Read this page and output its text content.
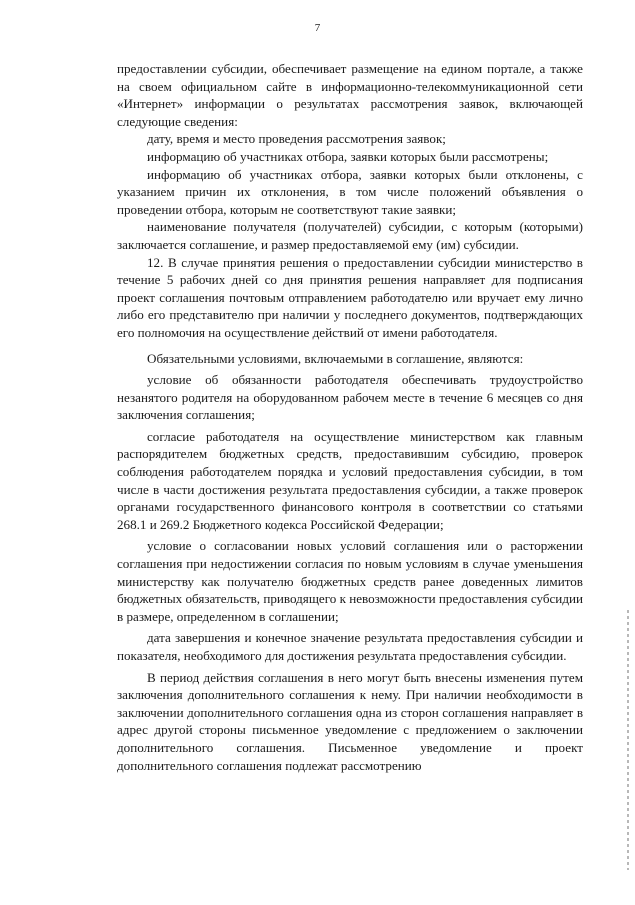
7

предоставлении субсидии, обеспечивает размещение на едином портале, а также на своем официальном сайте в информационно-телекоммуникационной сети «Интернет» информации о результатах рассмотрения заявок, включающей следующие сведения:

дату, время и место проведения рассмотрения заявок;

информацию об участниках отбора, заявки которых были рассмотрены;

информацию об участниках отбора, заявки которых были отклонены, с указанием причин их отклонения, в том числе положений объявления о проведении отбора, которым не соответствуют такие заявки;

наименование получателя (получателей) субсидии, с которым (которыми) заключается соглашение, и размер предоставляемой ему (им) субсидии.

12. В случае принятия решения о предоставлении субсидии министерство в течение 5 рабочих дней со дня принятия решения направляет для подписания проект соглашения почтовым отправлением работодателю или вручает ему лично либо его представителю при наличии у последнего документов, подтверждающих его полномочия на осуществление действий от имени работодателя.

Обязательными условиями, включаемыми в соглашение, являются:

условие об обязанности работодателя обеспечивать трудоустройство незанятого родителя на оборудованном рабочем месте в течение 6 месяцев со дня заключения соглашения;

согласие работодателя на осуществление министерством как главным распорядителем бюджетных средств, предоставившим субсидию, проверок соблюдения работодателем порядка и условий предоставления субсидии, в том числе в части достижения результата предоставления субсидии, а также проверок органами государственного финансового контроля в соответствии со статьями 268.1 и 269.2 Бюджетного кодекса Российской Федерации;

условие о согласовании новых условий соглашения или о расторжении соглашения при недостижении согласия по новым условиям в случае уменьшения министерству как получателю бюджетных средств ранее доведенных лимитов бюджетных обязательств, приводящего к невозможности предоставления субсидии в размере, определенном в соглашении;

дата завершения и конечное значение результата предоставления субсидии и показателя, необходимого для достижения результата предоставления субсидии.

В период действия соглашения в него могут быть внесены изменения путем заключения дополнительного соглашения к нему. При наличии необходимости в заключении дополнительного соглашения одна из сторон соглашения направляет в адрес другой стороны письменное уведомление с предложением о заключении дополнительного соглашения. Письменное уведомление и проект дополнительного соглашения подлежат рассмотрению
